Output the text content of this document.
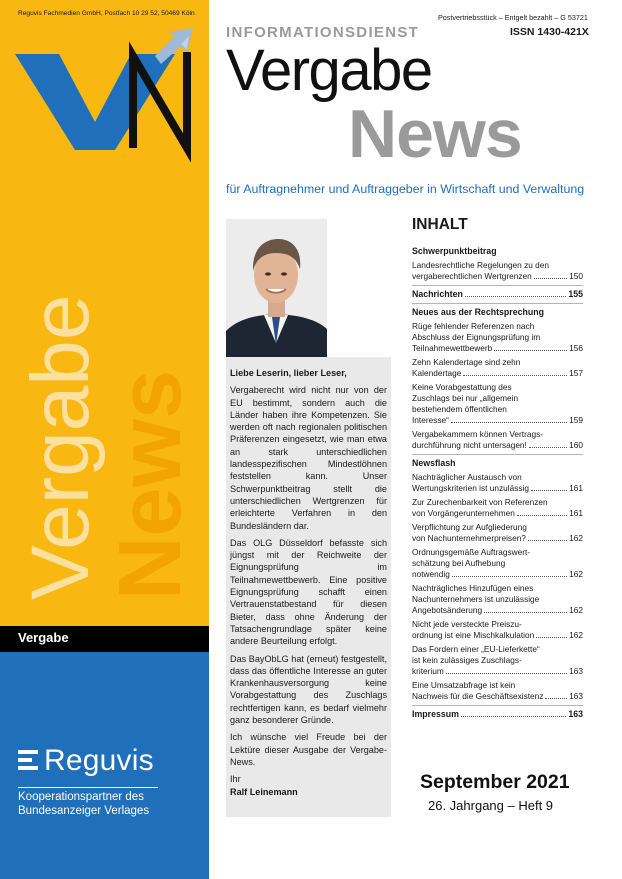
Reguvis Fachmedien GmbH, Postfach 10 29 52, 50469 Köln
Vergabe
News
Vergabe
Reguvis
Kooperationspartner des
Bundesanzeiger Verlages
INFORMATIONSDIENST
Postvertriebsstück – Entgelt bezahlt – G 53721
ISSN 1430-421X
Vergabe
News
für Auftragnehmer und Auftraggeber in Wirtschaft und Verwaltung

Liebe Leserin, lieber Leser,

Vergaberecht wird nicht nur von der EU bestimmt, sondern auch die Länder haben ihre Kompetenzen. Sie werden oft nach regionalen politischen Präferenzen eingesetzt, wie man etwa an stark unterschiedlichen landesspezifischen Mindestlöhnen feststellen kann. Unser Schwerpunktbeitrag stellt die unterschiedlichen Wertgrenzen für erleichterte Verfahren in den Bundesländern dar.

Das OLG Düsseldorf befasste sich jüngst mit der Reichweite der Eignungsprüfung im Teilnahmewettbewerb. Eine positive Eignungsprüfung schafft einen Vertrauenstatbestand für diesen Bieter, dass ohne Änderung der Tatsachengrundlage später keine andere Beurteilung erfolgt.

Das BayObLG hat (erneut) festgestellt, dass das öffentliche Interesse an guter Krankenhausversorgung keine Vorabgestattung des Zuschlags rechtfertigen kann, es bedarf vielmehr ganz besonderer Gründe.

Ich wünsche viel Freude bei der Lektüre dieser Ausgabe der Vergabe-News.

Ihr
Ralf Leinemann
INHALT
Schwerpunktbeitrag
Landesrechtliche Regelungen zu den
vergaberechtlichen Wertgrenzen	150
Nachrichten	155
Neues aus der Rechtsprechung
Rüge fehlender Referenzen nach
Abschluss der Eignungsprüfung im
Teilnahmewettbewerb	156
Zehn Kalendertage sind zehn
Kalendertage	157
Keine Vorabgestattung des
Zuschlags bei nur „allgemein
bestehendem öffentlichen
Interesse“	159
Vergabekammern können Vertrags-
durchführung nicht untersagen!	160
Newsflash
Nachträglicher Austausch von
Wertungskriterien ist unzulässig	161
Zur Zurechenbarkeit von Referenzen
von Vorgängerunternehmen	161
Verpflichtung zur Aufgliederung
von Nachunternehmerpreisen?	162
Ordnungsgemäße Auftragswert-
schätzung bei Aufhebung
notwendig	162
Nachträgliches Hinzufügen eines
Nachunternehmers ist unzulässige
Angebotsänderung	162
Nicht jede versteckte Preiszu-
ordnung ist eine Mischkalkulation	162
Das Fordern einer „EU-Lieferkette“
ist kein zulässiges Zuschlags-
kriterium	163
Eine Umsatzabfrage ist kein
Nachweis für die Geschäftsexistenz	163
Impressum	163
September 2021
26. Jahrgang – Heft 9
